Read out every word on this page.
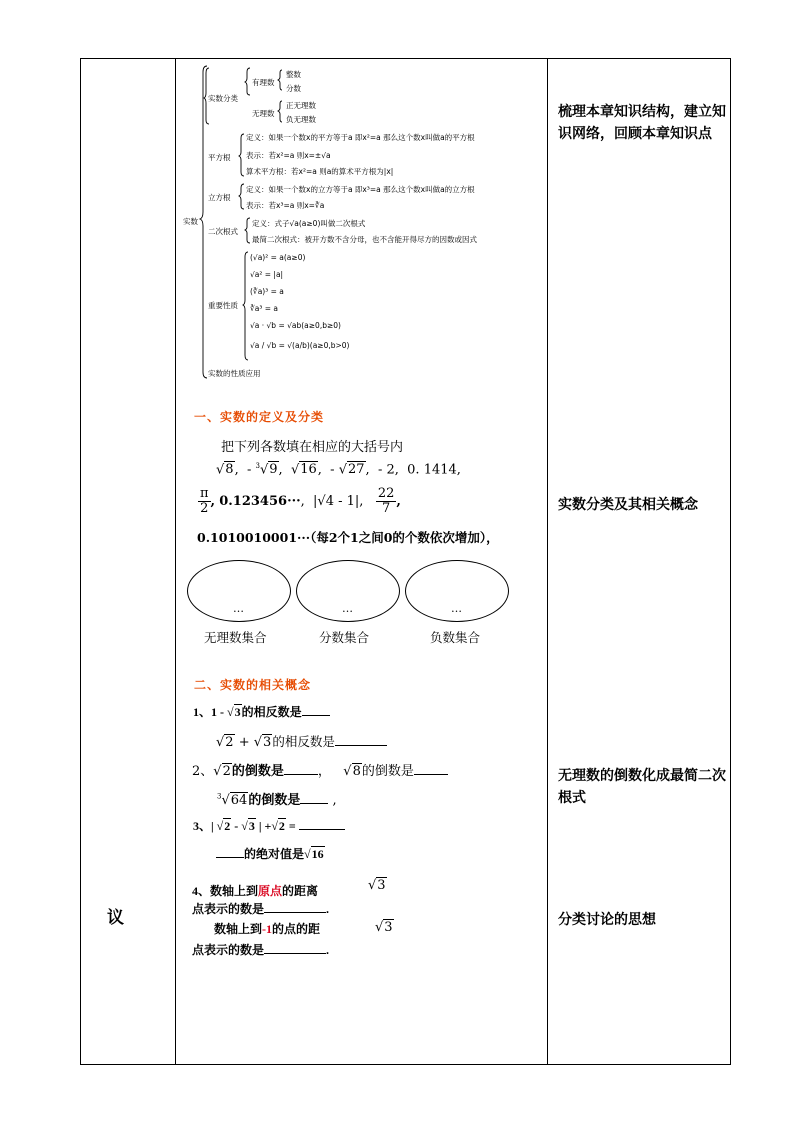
议
梳理本章知识结构，建立知识网络，回顾本章知识点
实数分类及其相关概念
无理数的倒数化成最简二次根式
分类讨论的思想
实数
实数分类
有理数
整数
分数
无理数
正无理数
负无理数
平方根
定义：如果一个数x的平方等于a 即x²=a 那么这个数x叫做a的平方根
表示：若x²=a 则x=±√a
算术平方根：若x²=a 则a的算术平方根为|x|
立方根
定义：如果一个数x的立方等于a 即x³=a 那么这个数x叫做a的立方根
表示：若x³=a 则x=∛a
二次根式
定义：式子√a(a≥0)叫做二次根式
最简二次根式：被开方数不含分母，也不含能开得尽方的因数或因式
重要性质
(√a)² = a(a≥0)
√a² = |a|
(∛a)³ = a
∛a³ = a
√a · √b = √ab(a≥0,b≥0)
√a / √b = √(a/b)(a≥0,b>0)
实数的性质应用
一、实数的定义及分类
把下列各数填在相应的大括号内
√8,  - $^3$√9,  √16,  - √27,  - 2,  0. 1414,
$\frac{\pi}{2}$ , 0.123456···,  |√4 - 1|, $\frac{22}{7}$ ,
0.1010010001···（每2个1之间0的个数依次增加），
…	…	…
无理数集合	分数集合	负数集合
二、实数的相关概念
1、1 - √3的相反数是
√2 + √3的相反数是
2、√2的倒数是	，   √8的倒数是
$^3$√64的倒数是 ,
3、| √2 - √3 | +√2 =
的绝对值是√16
4、数轴上到原点的距离	√3
点表示的数是	.
数轴上到-1的点的距	√3
点表示的数是	.
